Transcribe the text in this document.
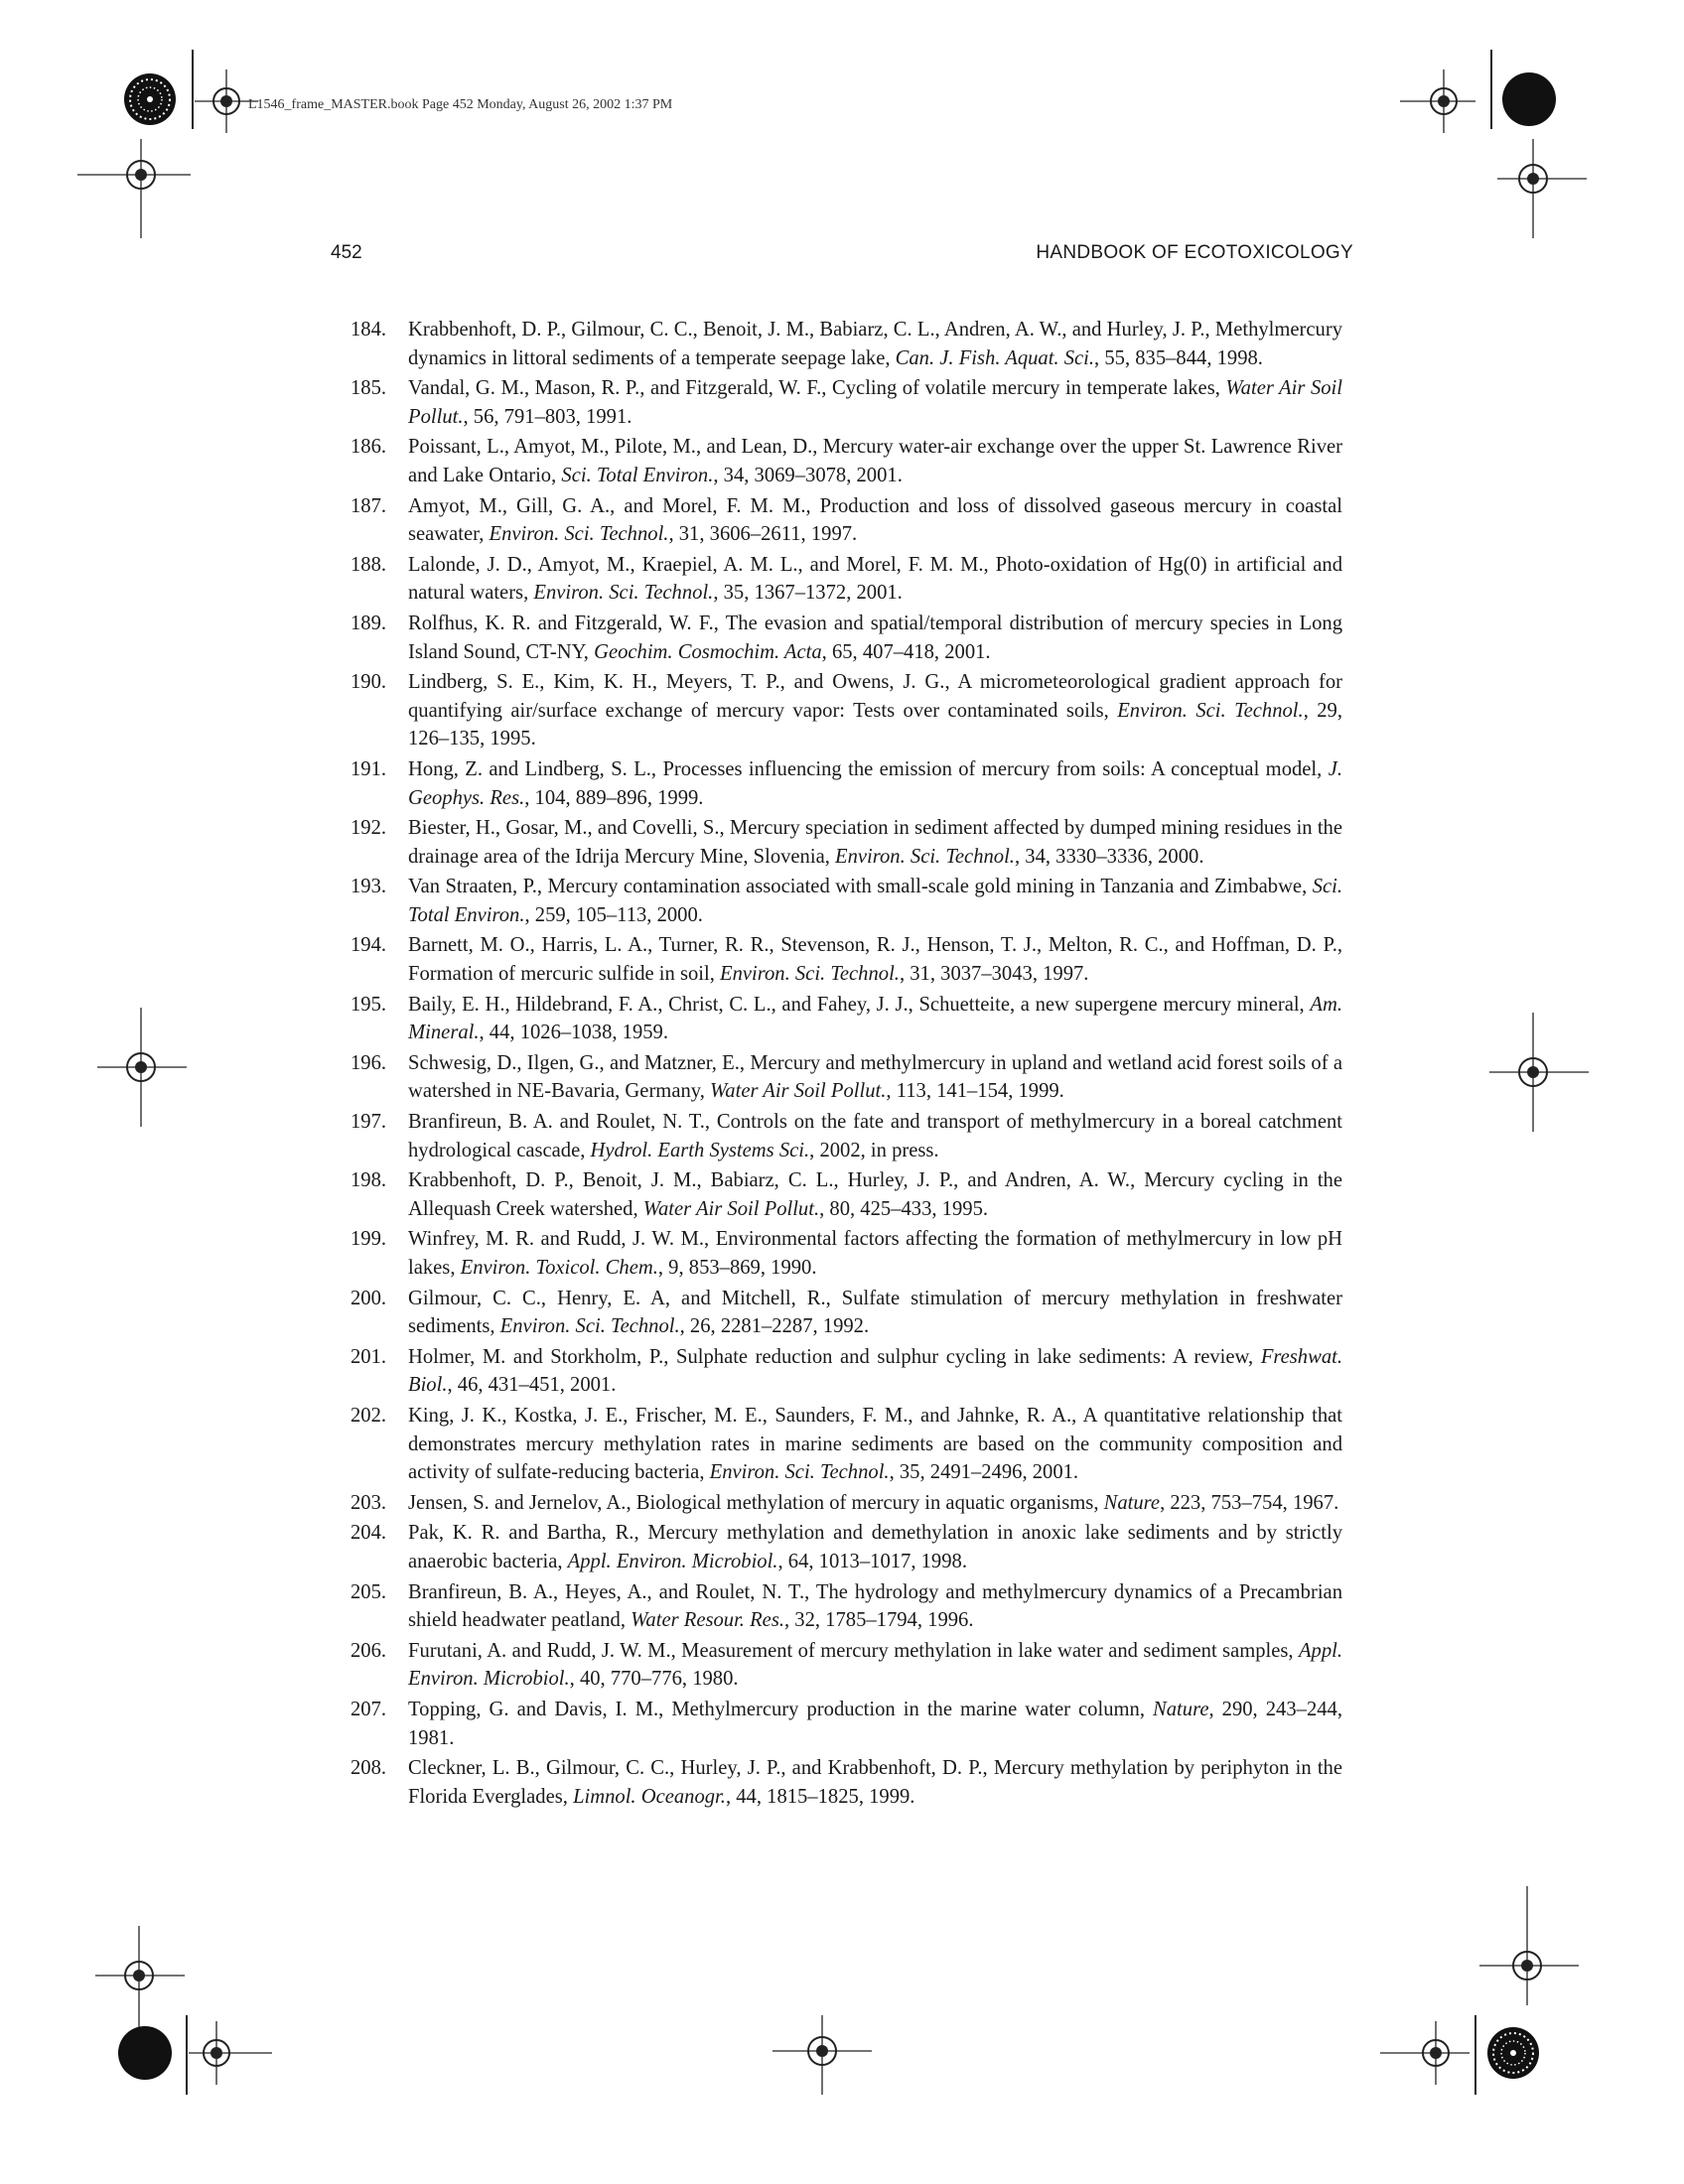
L1546_frame_MASTER.book Page 452 Monday, August 26, 2002 1:37 PM
452	HANDBOOK OF ECOTOXICOLOGY
184. Krabbenhoft, D. P., Gilmour, C. C., Benoit, J. M., Babiarz, C. L., Andren, A. W., and Hurley, J. P., Methylmercury dynamics in littoral sediments of a temperate seepage lake, Can. J. Fish. Aquat. Sci., 55, 835–844, 1998.
185. Vandal, G. M., Mason, R. P., and Fitzgerald, W. F., Cycling of volatile mercury in temperate lakes, Water Air Soil Pollut., 56, 791–803, 1991.
186. Poissant, L., Amyot, M., Pilote, M., and Lean, D., Mercury water-air exchange over the upper St. Lawrence River and Lake Ontario, Sci. Total Environ., 34, 3069–3078, 2001.
187. Amyot, M., Gill, G. A., and Morel, F. M. M., Production and loss of dissolved gaseous mercury in coastal seawater, Environ. Sci. Technol., 31, 3606–2611, 1997.
188. Lalonde, J. D., Amyot, M., Kraepiel, A. M. L., and Morel, F. M. M., Photo-oxidation of Hg(0) in artificial and natural waters, Environ. Sci. Technol., 35, 1367–1372, 2001.
189. Rolfhus, K. R. and Fitzgerald, W. F., The evasion and spatial/temporal distribution of mercury species in Long Island Sound, CT-NY, Geochim. Cosmochim. Acta, 65, 407–418, 2001.
190. Lindberg, S. E., Kim, K. H., Meyers, T. P., and Owens, J. G., A micrometeorological gradient approach for quantifying air/surface exchange of mercury vapor: Tests over contaminated soils, Environ. Sci. Technol., 29, 126–135, 1995.
191. Hong, Z. and Lindberg, S. L., Processes influencing the emission of mercury from soils: A conceptual model, J. Geophys. Res., 104, 889–896, 1999.
192. Biester, H., Gosar, M., and Covelli, S., Mercury speciation in sediment affected by dumped mining residues in the drainage area of the Idrija Mercury Mine, Slovenia, Environ. Sci. Technol., 34, 3330–3336, 2000.
193. Van Straaten, P., Mercury contamination associated with small-scale gold mining in Tanzania and Zimbabwe, Sci. Total Environ., 259, 105–113, 2000.
194. Barnett, M. O., Harris, L. A., Turner, R. R., Stevenson, R. J., Henson, T. J., Melton, R. C., and Hoffman, D. P., Formation of mercuric sulfide in soil, Environ. Sci. Technol., 31, 3037–3043, 1997.
195. Baily, E. H., Hildebrand, F. A., Christ, C. L., and Fahey, J. J., Schuetteite, a new supergene mercury mineral, Am. Mineral., 44, 1026–1038, 1959.
196. Schwesig, D., Ilgen, G., and Matzner, E., Mercury and methylmercury in upland and wetland acid forest soils of a watershed in NE-Bavaria, Germany, Water Air Soil Pollut., 113, 141–154, 1999.
197. Branfireun, B. A. and Roulet, N. T., Controls on the fate and transport of methylmercury in a boreal catchment hydrological cascade, Hydrol. Earth Systems Sci., 2002, in press.
198. Krabbenhoft, D. P., Benoit, J. M., Babiarz, C. L., Hurley, J. P., and Andren, A. W., Mercury cycling in the Allequash Creek watershed, Water Air Soil Pollut., 80, 425–433, 1995.
199. Winfrey, M. R. and Rudd, J. W. M., Environmental factors affecting the formation of methylmercury in low pH lakes, Environ. Toxicol. Chem., 9, 853–869, 1990.
200. Gilmour, C. C., Henry, E. A, and Mitchell, R., Sulfate stimulation of mercury methylation in freshwater sediments, Environ. Sci. Technol., 26, 2281–2287, 1992.
201. Holmer, M. and Storkholm, P., Sulphate reduction and sulphur cycling in lake sediments: A review, Freshwat. Biol., 46, 431–451, 2001.
202. King, J. K., Kostka, J. E., Frischer, M. E., Saunders, F. M., and Jahnke, R. A., A quantitative relationship that demonstrates mercury methylation rates in marine sediments are based on the community composition and activity of sulfate-reducing bacteria, Environ. Sci. Technol., 35, 2491–2496, 2001.
203. Jensen, S. and Jernelov, A., Biological methylation of mercury in aquatic organisms, Nature, 223, 753–754, 1967.
204. Pak, K. R. and Bartha, R., Mercury methylation and demethylation in anoxic lake sediments and by strictly anaerobic bacteria, Appl. Environ. Microbiol., 64, 1013–1017, 1998.
205. Branfireun, B. A., Heyes, A., and Roulet, N. T., The hydrology and methylmercury dynamics of a Precambrian shield headwater peatland, Water Resour. Res., 32, 1785–1794, 1996.
206. Furutani, A. and Rudd, J. W. M., Measurement of mercury methylation in lake water and sediment samples, Appl. Environ. Microbiol., 40, 770–776, 1980.
207. Topping, G. and Davis, I. M., Methylmercury production in the marine water column, Nature, 290, 243–244, 1981.
208. Cleckner, L. B., Gilmour, C. C., Hurley, J. P., and Krabbenhoft, D. P., Mercury methylation by periphyton in the Florida Everglades, Limnol. Oceanogr., 44, 1815–1825, 1999.
